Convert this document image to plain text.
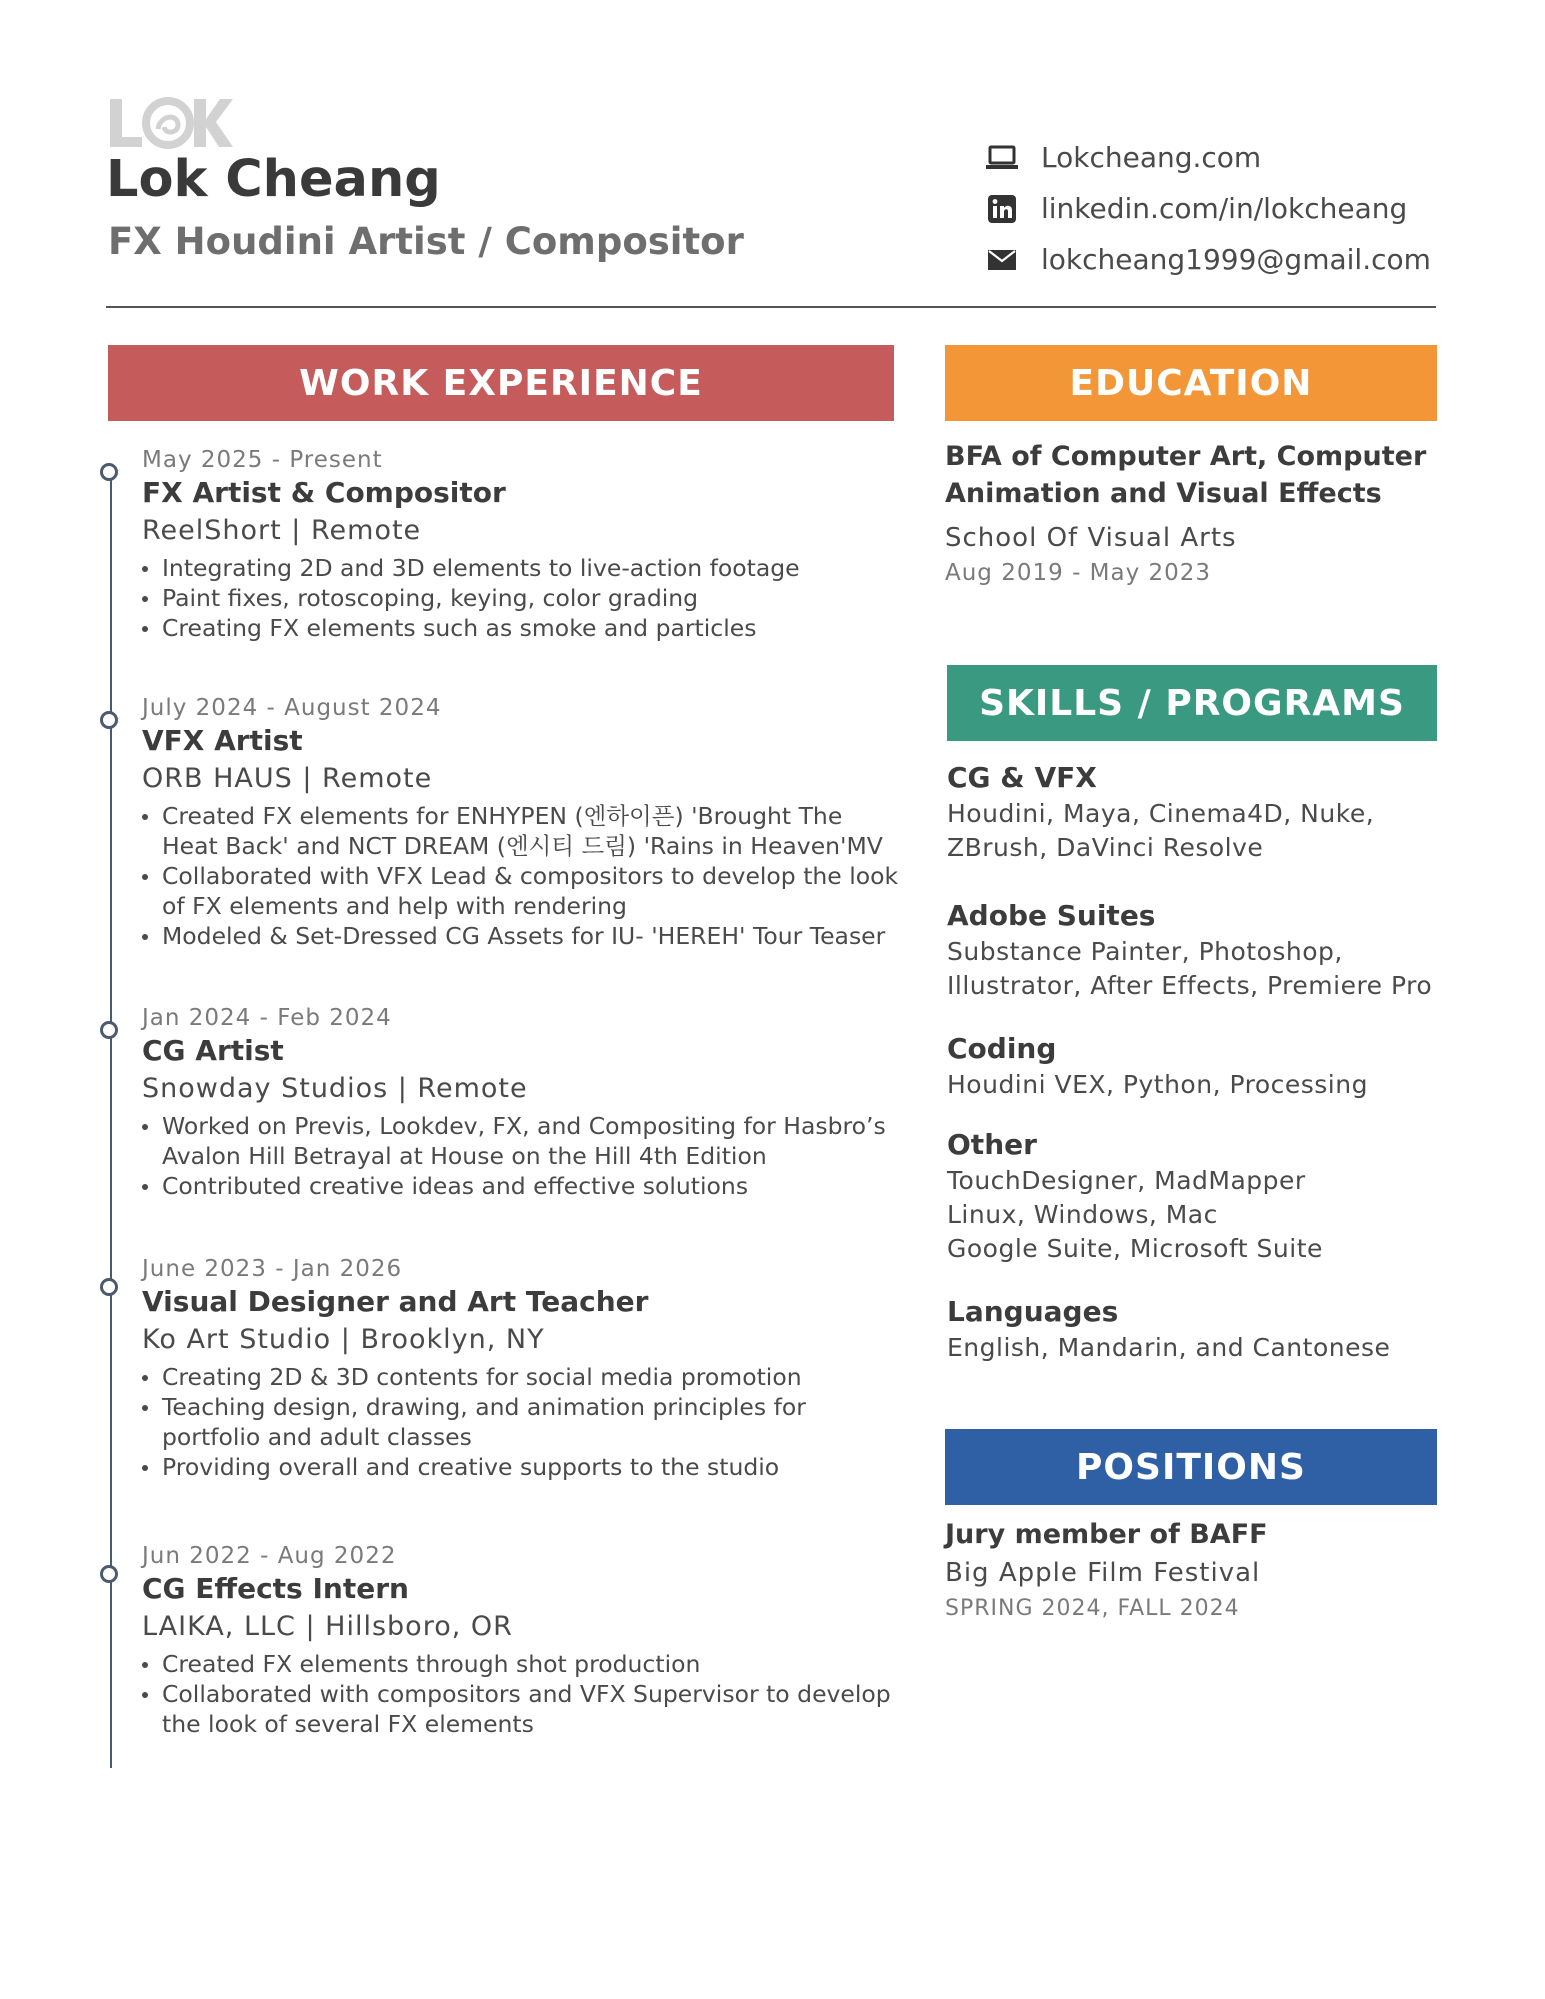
Lok Cheang
FX Houdini Artist / Compositor
Lokcheang.com
linkedin.com/in/lokcheang
lokcheang1999@gmail.com
WORK EXPERIENCE	EDUCATION
SKILLS / PROGRAMS
POSITIONS
May 2025 - Present
FX Artist & Compositor
ReelShort | Remote
Integrating 2D and 3D elements to live-action footage
Paint fixes, rotoscoping, keying, color grading
Creating FX elements such as smoke and particles
July 2024 - August 2024
VFX Artist
ORB HAUS | Remote
Created FX elements for ENHYPEN (엔하이픈) 'Brought The Heat Back' and NCT DREAM (엔시티 드림) 'Rains in Heaven'MV
Collaborated with VFX Lead & compositors to develop the look of FX elements and help with rendering
Modeled & Set-Dressed CG Assets for IU- 'HEREH' Tour Teaser
Jan 2024 - Feb 2024
CG Artist
Snowday Studios | Remote
Worked on Previs, Lookdev, FX, and Compositing for Hasbro’s Avalon Hill Betrayal at House on the Hill 4th Edition
Contributed creative ideas and effective solutions
June 2023 - Jan 2026
Visual Designer and Art Teacher
Ko Art Studio | Brooklyn, NY
Creating 2D & 3D contents for social media promotion
Teaching design, drawing, and animation principles for portfolio and adult classes
Providing overall and creative supports to the studio
Jun 2022 - Aug 2022
CG Effects Intern
LAIKA, LLC | Hillsboro, OR
Created FX elements through shot production
Collaborated with compositors and VFX Supervisor to develop the look of several FX elements
BFA of Computer Art, Computer Animation and Visual Effects
School Of Visual Arts
Aug 2019 - May 2023
CG & VFX
Houdini, Maya, Cinema4D, Nuke, ZBrush, DaVinci Resolve
Adobe Suites
Substance Painter, Photoshop, Illustrator, After Effects, Premiere Pro
Coding
Houdini VEX, Python, Processing
Other
TouchDesigner, MadMapper
Linux, Windows, Mac
Google Suite, Microsoft Suite
Languages
English, Mandarin, and Cantonese
Jury member of BAFF
Big Apple Film Festival
SPRING 2024, FALL 2024
